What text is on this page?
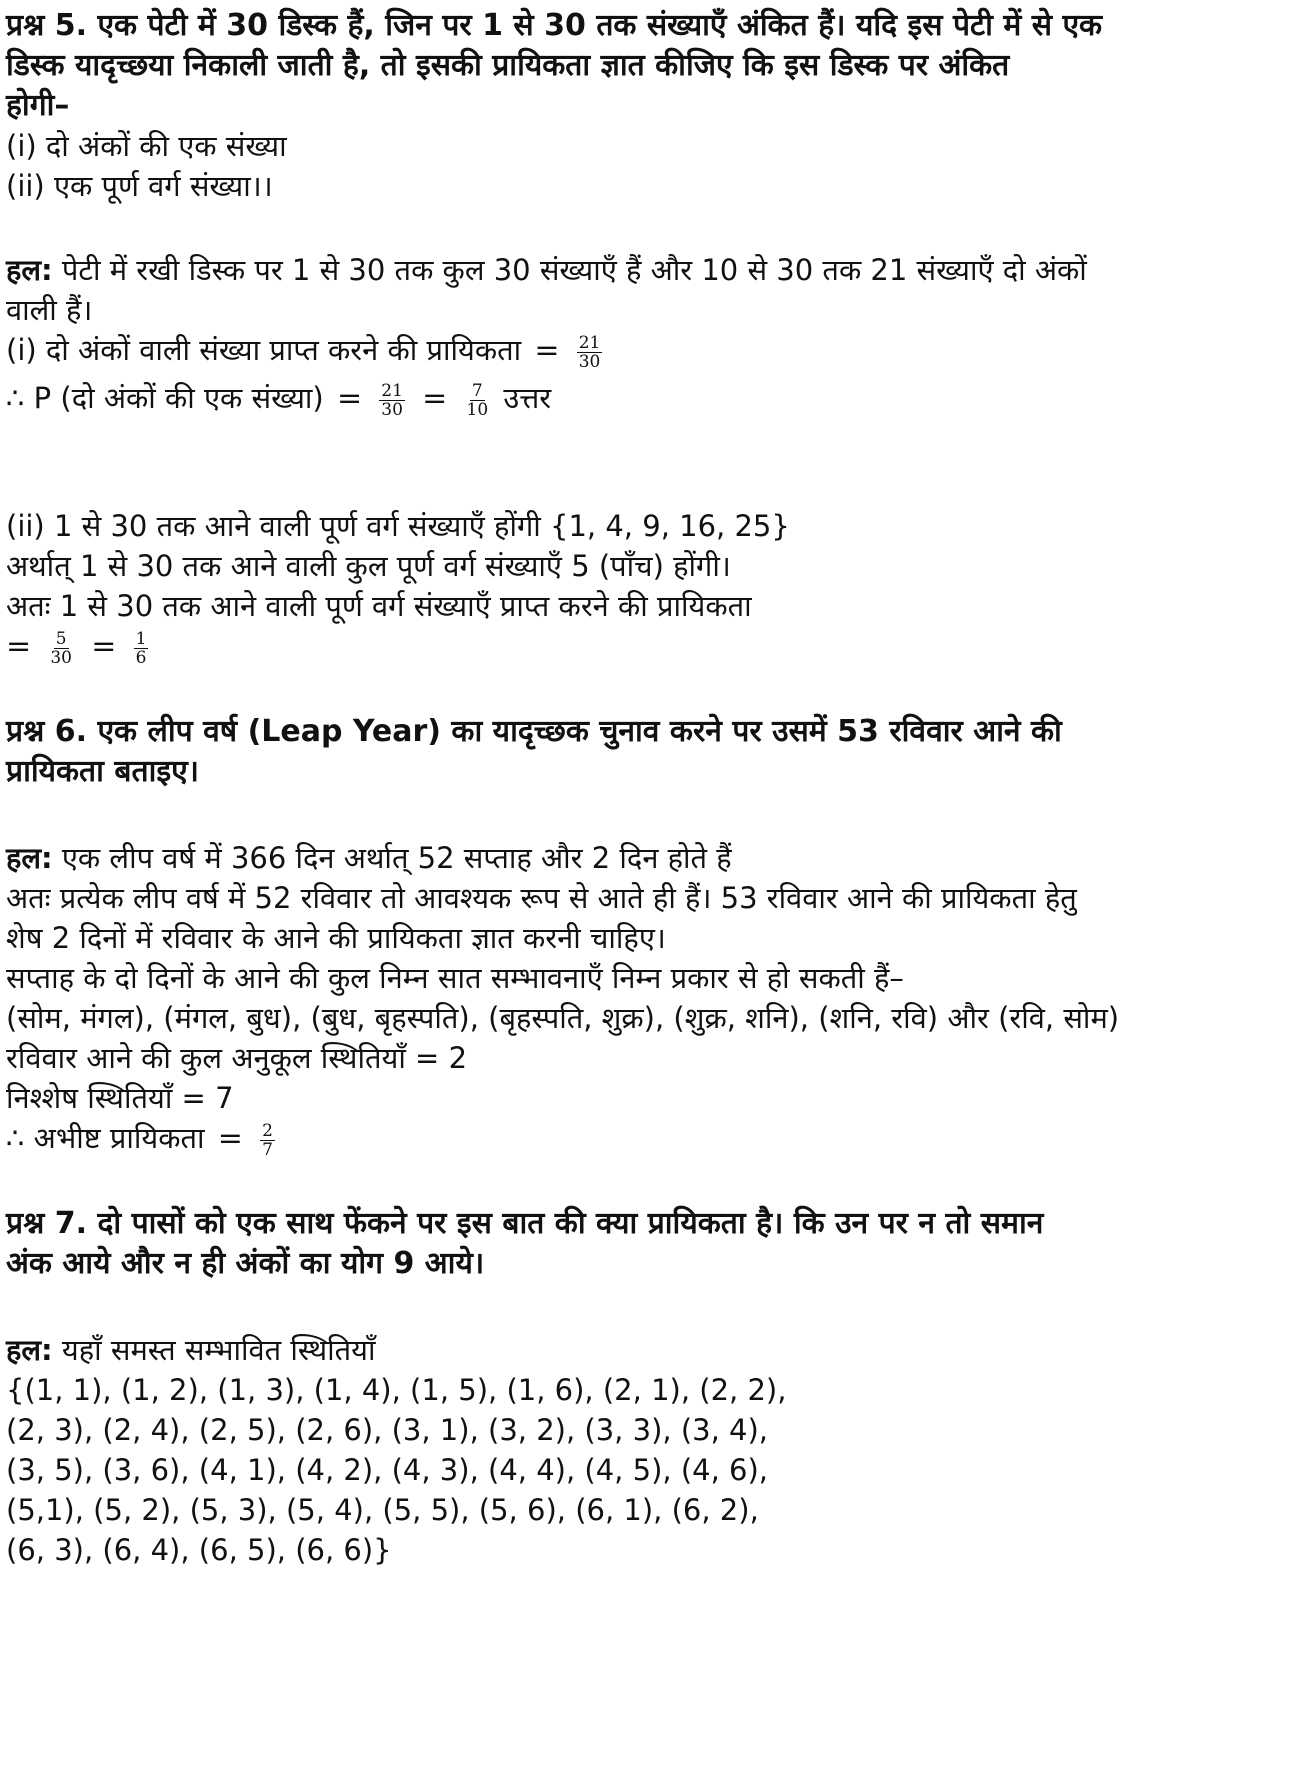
प्रश्न 5. एक पेटी में 30 डिस्क हैं, जिन पर 1 से 30 तक संख्याएँ अंकित हैं। यदि इस पेटी में से एक
डिस्क यादृच्छया निकाली जाती है, तो इसकी प्रायिकता ज्ञात कीजिए कि इस डिस्क पर अंकित
होगी–
(i) दो अंकों की एक संख्या
(ii) एक पूर्ण वर्ग संख्या।।
हल: पेटी में रखी डिस्क पर 1 से 30 तक कुल 30 संख्याएँ हैं और 10 से 30 तक 21 संख्याएँ दो अंकों
वाली हैं।
(i) दो अंकों वाली संख्या प्राप्त करने की प्रायिकता = $\frac{21}{30}$
∴ P (दो अंकों की एक संख्या) = $\frac{21}{30} = \frac{7}{10}$ उत्तर
(ii) 1 से 30 तक आने वाली पूर्ण वर्ग संख्याएँ होंगी {1, 4, 9, 16, 25}
अर्थात् 1 से 30 तक आने वाली कुल पूर्ण वर्ग संख्याएँ 5 (पाँच) होंगी।
अतः 1 से 30 तक आने वाली पूर्ण वर्ग संख्याएँ प्राप्त करने की प्रायिकता
= $\frac{5}{30} = \frac{1}{6}$
प्रश्न 6. एक लीप वर्ष (Leap Year) का यादृच्छक चुनाव करने पर उसमें 53 रविवार आने की
प्रायिकता बताइए।
हल: एक लीप वर्ष में 366 दिन अर्थात् 52 सप्ताह और 2 दिन होते हैं
अतः प्रत्येक लीप वर्ष में 52 रविवार तो आवश्यक रूप से आते ही हैं। 53 रविवार आने की प्रायिकता हेतु
शेष 2 दिनों में रविवार के आने की प्रायिकता ज्ञात करनी चाहिए।
सप्ताह के दो दिनों के आने की कुल निम्न सात सम्भावनाएँ निम्न प्रकार से हो सकती हैं–
(सोम, मंगल), (मंगल, बुध), (बुध, बृहस्पति), (बृहस्पति, शुक्र), (शुक्र, शनि), (शनि, रवि) और (रवि, सोम)
रविवार आने की कुल अनुकूल स्थितियाँ = 2
निश्शेष स्थितियाँ = 7
∴ अभीष्ट प्रायिकता = $\frac{2}{7}$
प्रश्न 7. दो पासों को एक साथ फेंकने पर इस बात की क्या प्रायिकता है। कि उन पर न तो समान
अंक आये और न ही अंकों का योग 9 आये।
हल: यहाँ समस्त सम्भावित स्थितियाँ
{(1, 1), (1, 2), (1, 3), (1, 4), (1, 5), (1, 6), (2, 1), (2, 2),
(2, 3), (2, 4), (2, 5), (2, 6), (3, 1), (3, 2), (3, 3), (3, 4),
(3, 5), (3, 6), (4, 1), (4, 2), (4, 3), (4, 4), (4, 5), (4, 6),
(5,1), (5, 2), (5, 3), (5, 4), (5, 5), (5, 6), (6, 1), (6, 2),
(6, 3), (6, 4), (6, 5), (6, 6)}
